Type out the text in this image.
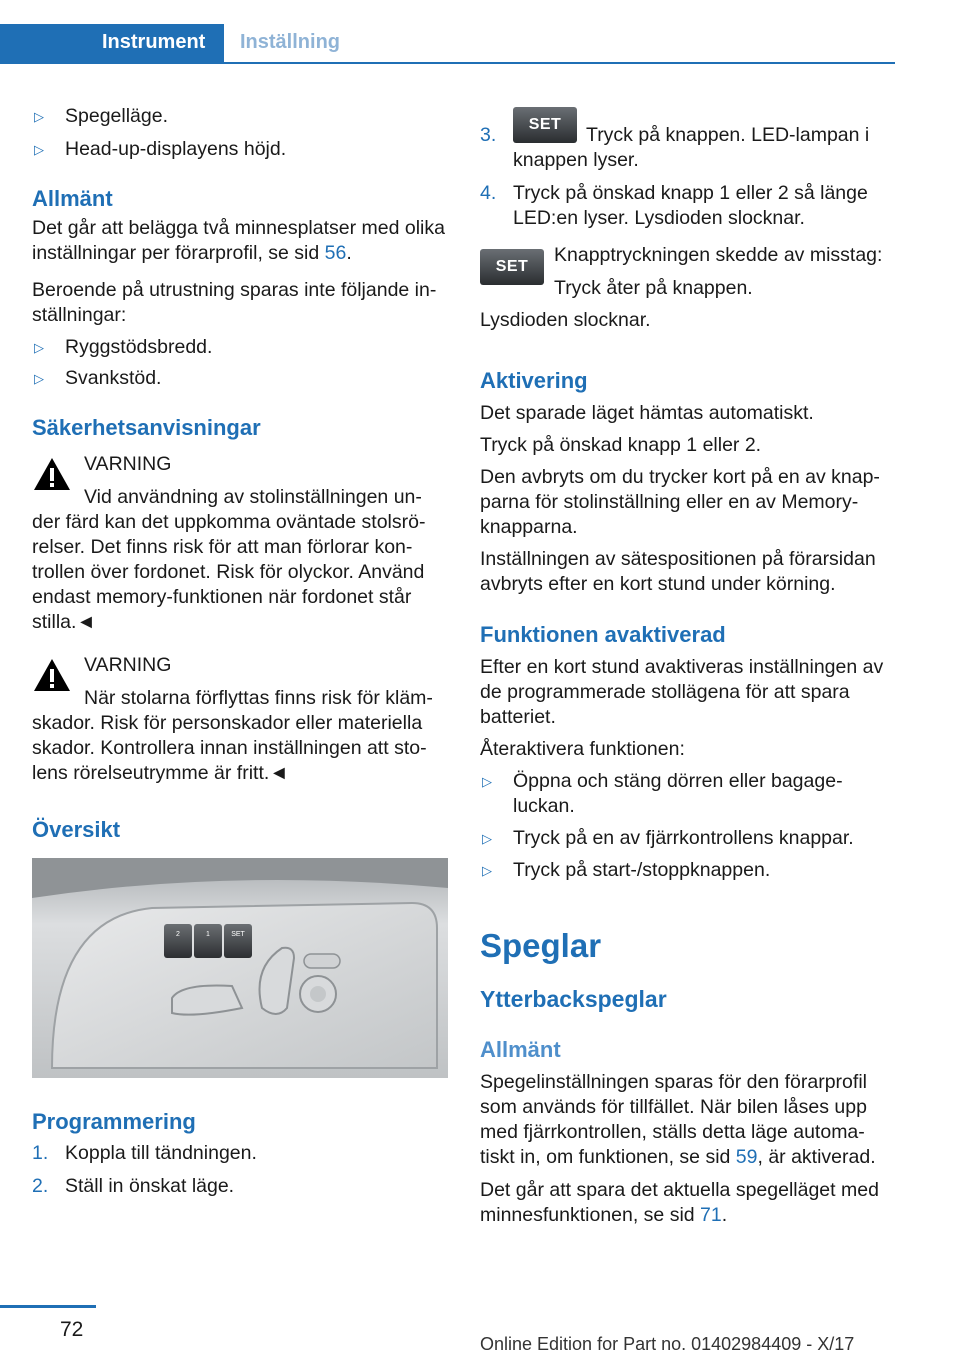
Instrument	Inställning
▷ Spegelläge.
▷ Head-up-displayens höjd.
Allmänt

Det går att belägga två minnesplatser med olika inställningar per förarprofil, se sid 56.

Beroende på utrustning sparas inte följande in-ställningar:

▷ Ryggstödsbredd.
▷ Svankstöd.
Säkerhetsanvisningar
VARNING
Vid användning av stolinställningen un-

der färd kan det uppkomma oväntade stolsrö-relser. Det finns risk för att man förlorar kon-trollen över fordonet. Risk för olyckor. Använd endast memory-funktionen när fordonet står stilla.◄

VARNING
När stolarna förflyttas finns risk för kläm-

skador. Risk för personskador eller materiella skador. Kontrollera innan inställningen att sto-lens rörelseutrymme är fritt.◄

Översikt
2	1	SET
Programmering
1. Koppla till tändningen.
2. Ställ in önskat läge.
3.	SET	Tryck på knappen. LED-lampan i
knappen lyser.
4. Tryck på önskad knapp 1 eller 2 så länge LED:en lyser. Lysdioden slocknar.

SET
Knapptryckningen skedde av misstag:
Tryck åter på knappen.
Lysdioden slocknar.
Aktivering

Det sparade läget hämtas automatiskt.

Tryck på önskad knapp 1 eller 2.

Den avbryts om du trycker kort på en av knap-parna för stolinställning eller en av Memory-knapparna.

Inställningen av sätespositionen på förarsidan avbryts efter en kort stund under körning.

Funktionen avaktiverad

Efter en kort stund avaktiveras inställningen av de programmerade stollägena för att spara batteriet.

Återaktivera funktionen:

▷ Öppna och stäng dörren eller bagage-luckan.
▷ Tryck på en av fjärrkontrollens knappar.
▷ Tryck på start-/stoppknappen.
Speglar
Ytterbackspeglar
Allmänt

Spegelinställningen sparas för den förarprofil som används för tillfället. När bilen låses upp med fjärrkontrollen, ställs detta läge automa-tiskt in, om funktionen, se sid 59, är aktiverad.

Det går att spara det aktuella spegelläget med minnesfunktionen, se sid 71.

72
Online Edition for Part no. 01402984409 - X/17
